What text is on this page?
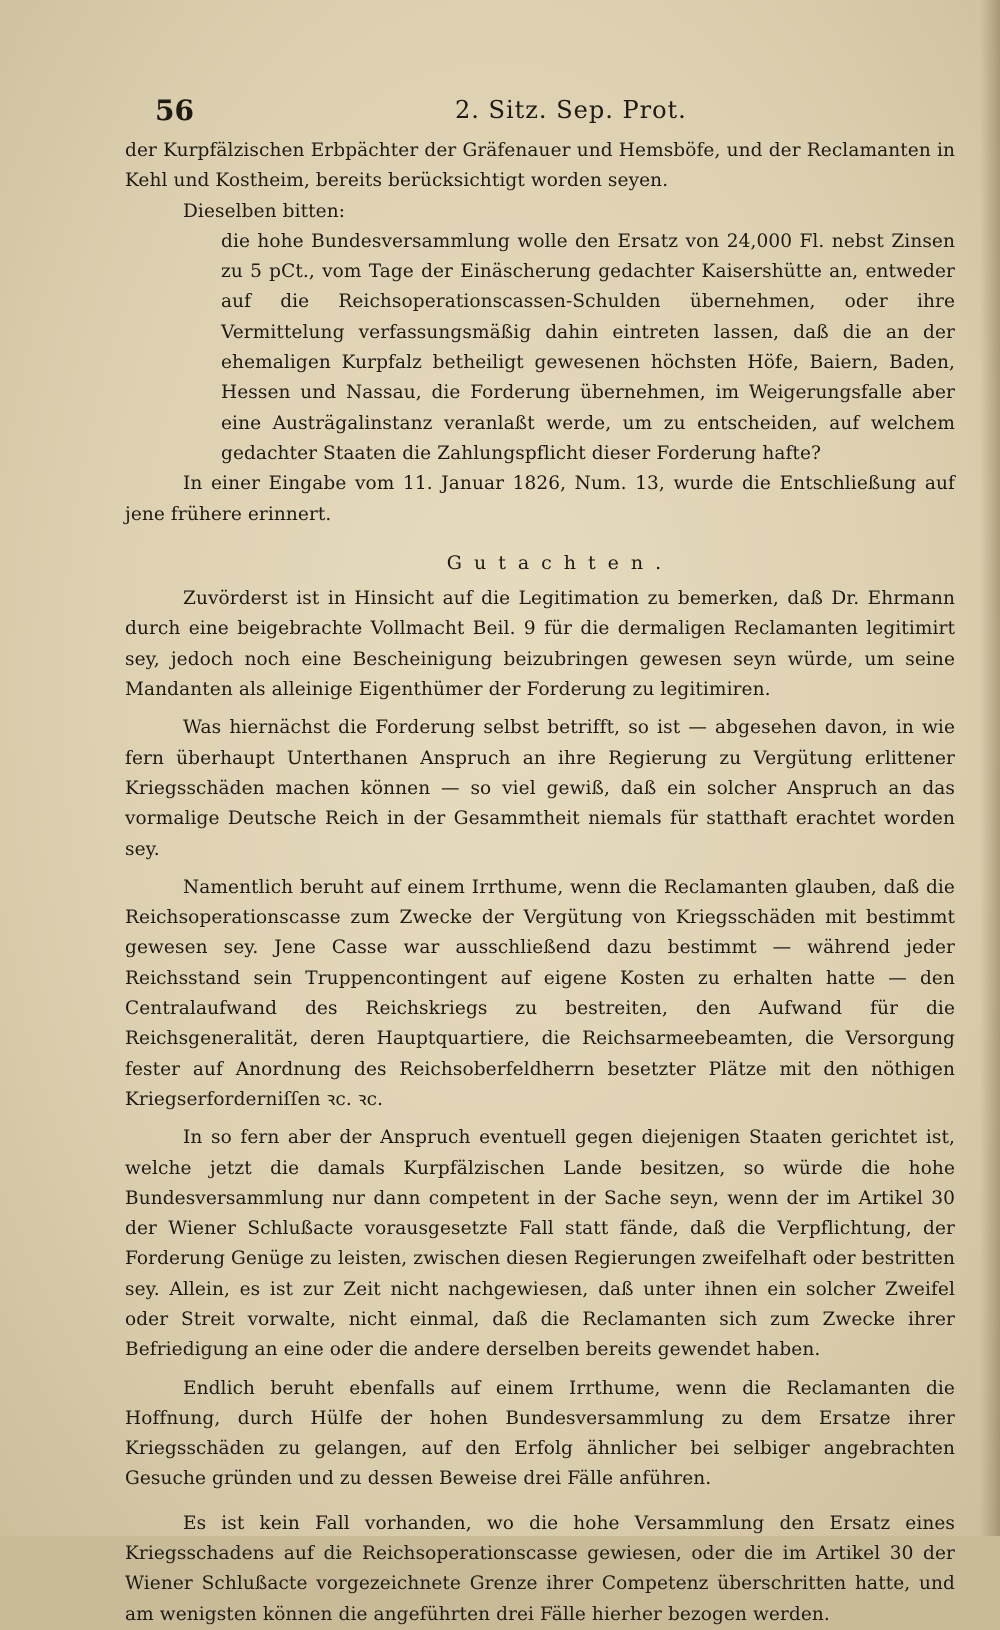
56	2. Sitz. Sep. Prot.

der Kurpfälzischen Erbpächter der Gräfenauer und Hemsböfe, und der Reclamanten in Kehl und Kostheim, bereits berücksichtigt worden seyen.

Dieselben bitten:

die hohe Bundesversammlung wolle den Ersatz von 24,000 Fl. nebst Zinsen zu 5 pCt., vom Tage der Einäscherung gedachter Kaisershütte an, entweder auf die Reichsoperationscassen-Schulden übernehmen, oder ihre Vermittelung verfassungsmäßig dahin eintreten lassen, daß die an der ehemaligen Kurpfalz betheiligt gewesenen höchsten Höfe, Baiern, Baden, Hessen und Nassau, die Forderung übernehmen, im Weigerungsfalle aber eine Austrägalinstanz veranlaßt werde, um zu entscheiden, auf welchem gedachter Staaten die Zahlungspflicht dieser Forderung hafte?

In einer Eingabe vom 11. Januar 1826, Num. 13, wurde die Entschließung auf jene frühere erinnert.

Gutachten.

Zuvörderst ist in Hinsicht auf die Legitimation zu bemerken, daß Dr. Ehrmann durch eine beigebrachte Vollmacht Beil. 9 für die dermaligen Reclamanten legitimirt sey, jedoch noch eine Bescheinigung beizubringen gewesen seyn würde, um seine Mandanten als alleinige Eigenthümer der Forderung zu legitimiren.

Was hiernächst die Forderung selbst betrifft, so ist — abgesehen davon, in wie fern überhaupt Unterthanen Anspruch an ihre Regierung zu Vergütung erlittener Kriegsschäden machen können — so viel gewiß, daß ein solcher Anspruch an das vormalige Deutsche Reich in der Gesammtheit niemals für statthaft erachtet worden sey.

Namentlich beruht auf einem Irrthume, wenn die Reclamanten glauben, daß die Reichsoperationscasse zum Zwecke der Vergütung von Kriegsschäden mit bestimmt gewesen sey. Jene Casse war ausschließend dazu bestimmt — während jeder Reichsstand sein Truppencontingent auf eigene Kosten zu erhalten hatte — den Centralaufwand des Reichskriegs zu bestreiten, den Aufwand für die Reichsgeneralität, deren Hauptquartiere, die Reichsarmeebeamten, die Versorgung fester auf Anordnung des Reichsoberfeldherrn besetzter Plätze mit den nöthigen Kriegserforderniſſen ꝛc. ꝛc.

In so fern aber der Anspruch eventuell gegen diejenigen Staaten gerichtet ist, welche jetzt die damals Kurpfälzischen Lande besitzen, so würde die hohe Bundesversammlung nur dann competent in der Sache seyn, wenn der im Artikel 30 der Wiener Schlußacte vorausgesetzte Fall statt fände, daß die Verpflichtung, der Forderung Genüge zu leisten, zwischen diesen Regierungen zweifelhaft oder bestritten sey. Allein, es ist zur Zeit nicht nachgewiesen, daß unter ihnen ein solcher Zweifel oder Streit vorwalte, nicht einmal, daß die Reclamanten sich zum Zwecke ihrer Befriedigung an eine oder die andere derselben bereits gewendet haben.

Endlich beruht ebenfalls auf einem Irrthume, wenn die Reclamanten die Hoffnung, durch Hülfe der hohen Bundesversammlung zu dem Ersatze ihrer Kriegsschäden zu gelangen, auf den Erfolg ähnlicher bei selbiger angebrachten Gesuche gründen und zu dessen Beweise drei Fälle anführen.

Es ist kein Fall vorhanden, wo die hohe Versammlung den Ersatz eines Kriegsschadens auf die Reichsoperationscasse gewiesen, oder die im Artikel 30 der Wiener Schlußacte vorgezeichnete Grenze ihrer Competenz überschritten hatte, und am wenigsten können die angeführten drei Fälle hierher bezogen werden.
